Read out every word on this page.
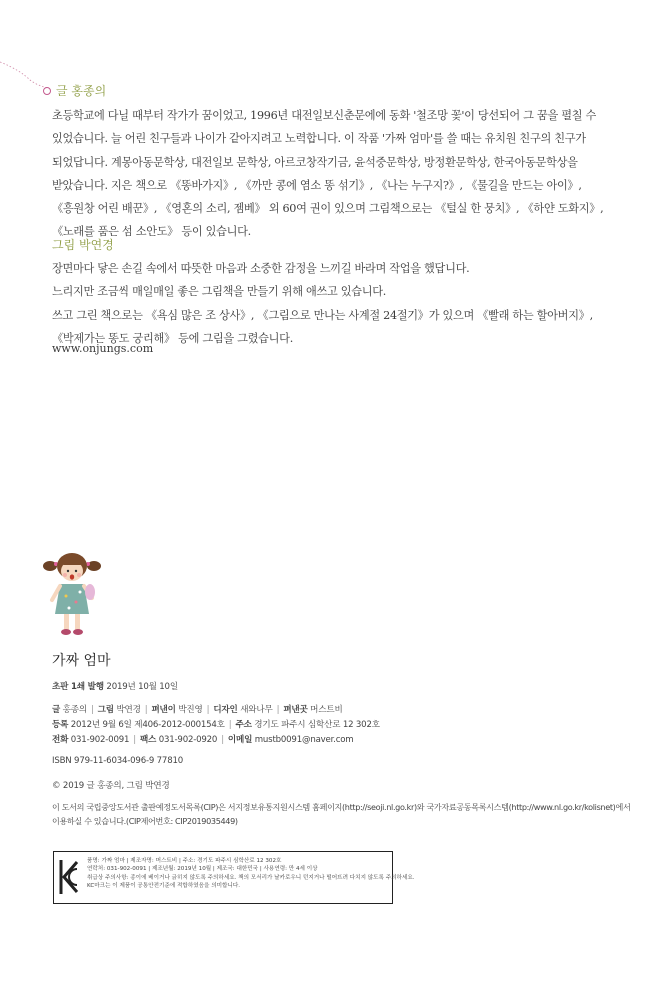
글 홍종의
초등학교에 다닐 때부터 작가가 꿈이었고, 1996년 대전일보신춘문에에 동화 '철조망 꽃'이 당선되어 그 꿈을 펼칠 수
있었습니다. 늘 어린 친구들과 나이가 같아지려고 노력합니다. 이 작품 '가짜 엄마'를 쓸 때는 유치원 친구의 친구가
되었답니다. 계몽아동문학상, 대전일보 문학상, 아르코창작기금, 윤석중문학상, 방정환문학상, 한국아동문학상을
받았습니다. 지은 책으로 《똥바가지》, 《까만 콩에 염소 똥 섞기》, 《나는 누구지?》, 《물길을 만드는 아이》,
《흥원창 어린 배꾼》, 《영혼의 소리, 젬베》 외 60여 권이 있으며 그림책으로는 《털실 한 뭉치》, 《하얀 도화지》,
《노래를 품은 섬 소안도》 등이 있습니다.
그림 박연경
장면마다 닿은 손길 속에서 따뜻한 마음과 소중한 감정을 느끼길 바라며 작업을 했답니다.
느리지만 조금씩 매일매일 좋은 그림책을 만들기 위해 애쓰고 있습니다.
쓰고 그린 책으로는 《욕심 많은 조 상사》, 《그림으로 만나는 사계절 24절기》가 있으며 《빨래 하는 할아버지》,
《박제가는 똥도 궁리해》 등에 그림을 그렸습니다.
www.onjungs.com
가짜 엄마
초판 1쇄 발행 2019년 10월 10일
글 홍종의 | 그림 박연경 | 펴낸이 박진영 | 디자인 새와나무 | 펴낸곳 머스트비
등록 2012년 9월 6일 제406-2012-000154호 | 주소 경기도 파주시 심학산로 12 302호
전화 031-902-0091 | 팩스 031-902-0920 | 이메일 mustb0091@naver.com
ISBN 979-11-6034-096-9 77810
© 2019 글 홍종의, 그림 박연경
이 도서의 국립중앙도서관 출판예정도서목록(CIP)은 서지정보유통지원시스템 홈페이지(http://seoji.nl.go.kr)와 국가자료공동목록시스템(http://www.nl.go.kr/kolisnet)에서
이용하실 수 있습니다.(CIP제어번호: CIP2019035449)
품명: 가짜 엄마 | 제조자명: 머스트비 | 주소: 경기도 파주시 심학산로 12 302호
연락처: 031-902-0091 | 제조년월: 2019년 10월 | 제조국: 대한민국 | 사용연령: 만 4세 이상
취급상 주의사항: 종이에 베이거나 긁히지 않도록 주의하세요. 책의 모서리가 날카로우니 던지거나 떨어뜨려 다치지 않도록 주의하세요.
KC마크는 이 제품이 공통안전기준에 적합하였음을 의미합니다.
